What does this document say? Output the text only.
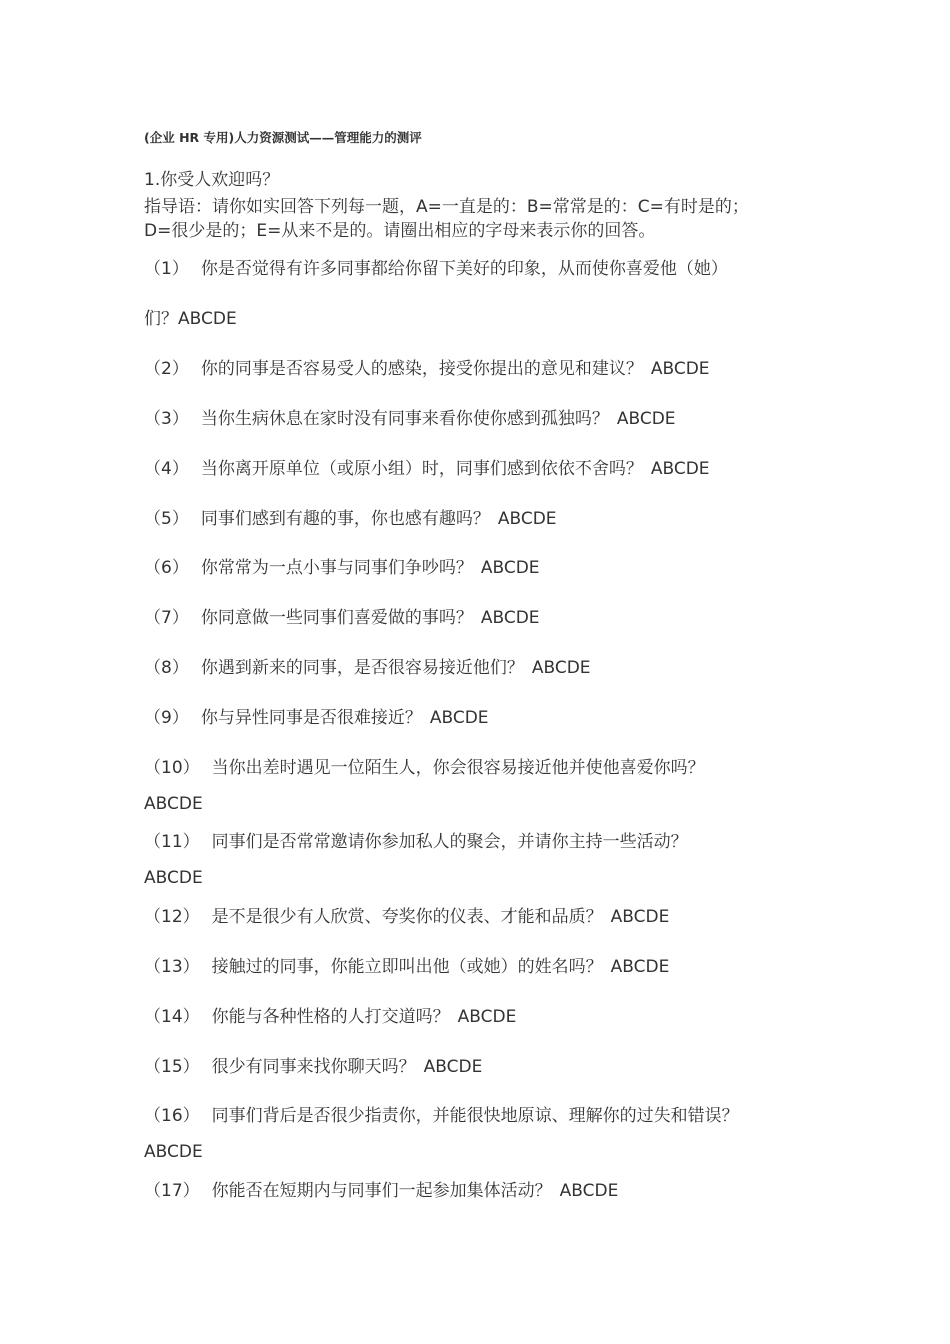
(企业 HR 专用)人力资源测试——管理能力的测评
1.你受人欢迎吗？
指导语：请你如实回答下列每一题，A=一直是的：B=常常是的：C=有时是的；
D=很少是的；E=从来不是的。请圈出相应的字母来表示你的回答。
（1） 你是否觉得有许多同事都给你留下美好的印象，从而使你喜爱他（她）
们？ABCDE
（2） 你的同事是否容易受人的感染，接受你提出的意见和建议？ ABCDE
（3） 当你生病休息在家时没有同事来看你使你感到孤独吗？ ABCDE
（4） 当你离开原单位（或原小组）时，同事们感到依依不舍吗？ ABCDE
（5） 同事们感到有趣的事，你也感有趣吗？ ABCDE
（6） 你常常为一点小事与同事们争吵吗？ ABCDE
（7） 你同意做一些同事们喜爱做的事吗？ ABCDE
（8） 你遇到新来的同事，是否很容易接近他们？ ABCDE
（9） 你与异性同事是否很难接近？ ABCDE
（10） 当你出差时遇见一位陌生人，你会很容易接近他并使他喜爱你吗？
ABCDE
（11） 同事们是否常常邀请你参加私人的聚会，并请你主持一些活动？
ABCDE
（12） 是不是很少有人欣赏、夸奖你的仪表、才能和品质？ ABCDE
（13） 接触过的同事，你能立即叫出他（或她）的姓名吗？ ABCDE
（14） 你能与各种性格的人打交道吗？ ABCDE
（15） 很少有同事来找你聊天吗？ ABCDE
（16） 同事们背后是否很少指责你，并能很快地原谅、理解你的过失和错误？
ABCDE
（17） 你能否在短期内与同事们一起参加集体活动？ ABCDE
